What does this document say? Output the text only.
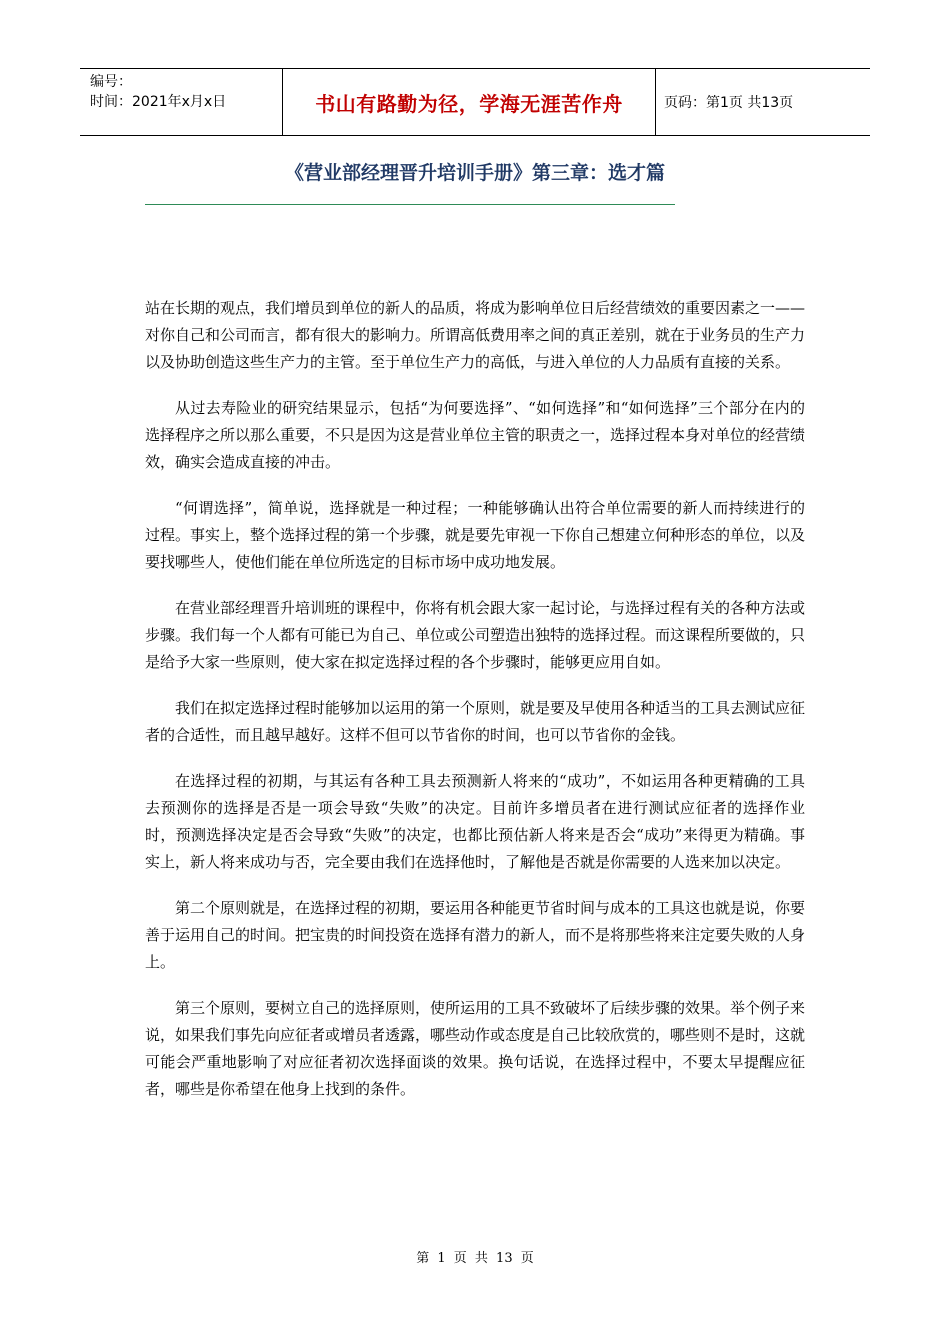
编号：
时间：2021年x月x日	书山有路勤为径，学海无涯苦作舟	页码：第1页 共13页
《营业部经理晋升培训手册》第三章：选才篇

站在长期的观点，我们增员到单位的新人的品质，将成为影响单位日后经营绩效的重要因素之一——对你自己和公司而言，都有很大的影响力。所谓高低费用率之间的真正差别，就在于业务员的生产力以及协助创造这些生产力的主管。至于单位生产力的高低，与进入单位的人力品质有直接的关系。

从过去寿险业的研究结果显示，包括“为何要选择”、“如何选择”和“如何选择”三个部分在内的选择程序之所以那么重要，不只是因为这是营业单位主管的职责之一，选择过程本身对单位的经营绩效，确实会造成直接的冲击。

“何谓选择”，简单说，选择就是一种过程；一种能够确认出符合单位需要的新人而持续进行的过程。事实上，整个选择过程的第一个步骤，就是要先审视一下你自己想建立何种形态的单位，以及要找哪些人，使他们能在单位所选定的目标市场中成功地发展。

在营业部经理晋升培训班的课程中，你将有机会跟大家一起讨论，与选择过程有关的各种方法或步骤。我们每一个人都有可能已为自己、单位或公司塑造出独特的选择过程。而这课程所要做的，只是给予大家一些原则，使大家在拟定选择过程的各个步骤时，能够更应用自如。

我们在拟定选择过程时能够加以运用的第一个原则，就是要及早使用各种适当的工具去测试应征者的合适性，而且越早越好。这样不但可以节省你的时间，也可以节省你的金钱。

在选择过程的初期，与其运有各种工具去预测新人将来的“成功”，不如运用各种更精确的工具去预测你的选择是否是一项会导致“失败”的决定。目前许多增员者在进行测试应征者的选择作业时，预测选择决定是否会导致“失败”的决定，也都比预估新人将来是否会“成功”来得更为精确。事实上，新人将来成功与否，完全要由我们在选择他时，了解他是否就是你需要的人选来加以决定。

第二个原则就是，在选择过程的初期，要运用各种能更节省时间与成本的工具这也就是说，你要善于运用自己的时间。把宝贵的时间投资在选择有潜力的新人，而不是将那些将来注定要失败的人身上。

第三个原则，要树立自己的选择原则，使所运用的工具不致破坏了后续步骤的效果。举个例子来说，如果我们事先向应征者或增员者透露，哪些动作或态度是自己比较欣赏的，哪些则不是时，这就可能会严重地影响了对应征者初次选择面谈的效果。换句话说，在选择过程中，不要太早提醒应征者，哪些是你希望在他身上找到的条件。

第 1 页 共 13 页
